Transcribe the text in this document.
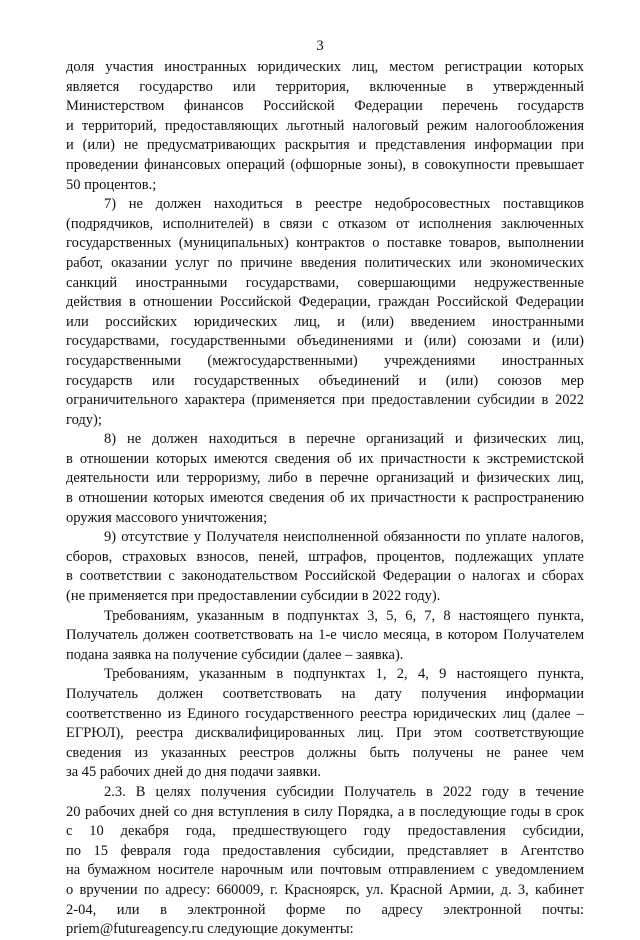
3
доля участия иностранных юридических лиц, местом регистрации которых
является государство или территория, включенные в утвержденный
Министерством финансов Российской Федерации перечень государств
и территорий, предоставляющих льготный налоговый режим налогообложения
и (или) не предусматривающих раскрытия и представления информации при
проведении финансовых операций (офшорные зоны), в совокупности превышает
50 процентов.;
7) не должен находиться в реестре недобросовестных поставщиков
(подрядчиков, исполнителей) в связи с отказом от исполнения заключенных
государственных (муниципальных) контрактов о поставке товаров, выполнении
работ, оказании услуг по причине введения политических или экономических
санкций иностранными государствами, совершающими недружественные
действия в отношении Российской Федерации, граждан Российской Федерации
или российских юридических лиц, и (или) введением иностранными
государствами, государственными объединениями и (или) союзами и (или)
государственными (межгосударственными) учреждениями иностранных
государств или государственных объединений и (или) союзов мер
ограничительного характера (применяется при предоставлении субсидии в 2022
году);
8) не должен находиться в перечне организаций и физических лиц,
в отношении которых имеются сведения об их причастности к экстремистской
деятельности или терроризму, либо в перечне организаций и физических лиц,
в отношении которых имеются сведения об их причастности к распространению
оружия массового уничтожения;
9) отсутствие у Получателя неисполненной обязанности по уплате налогов,
сборов, страховых взносов, пеней, штрафов, процентов, подлежащих уплате
в соответствии с законодательством Российской Федерации о налогах и сборах
(не применяется при предоставлении субсидии в 2022 году).
Требованиям, указанным в подпунктах 3, 5, 6, 7, 8 настоящего пункта,
Получатель должен соответствовать на 1-е число месяца, в котором Получателем
подана заявка на получение субсидии (далее – заявка).
Требованиям, указанным в подпунктах 1, 2, 4, 9 настоящего пункта,
Получатель должен соответствовать на дату получения информации
соответственно из Единого государственного реестра юридических лиц (далее –
ЕГРЮЛ), реестра дисквалифицированных лиц. При этом соответствующие
сведения из указанных реестров должны быть получены не ранее чем
за 45 рабочих дней до дня подачи заявки.
2.3. В целях получения субсидии Получатель в 2022 году в течение
20 рабочих дней со дня вступления в силу Порядка, а в последующие годы в срок
с 10 декабря года, предшествующего году предоставления субсидии,
по 15 февраля года предоставления субсидии, представляет в Агентство
на бумажном носителе нарочным или почтовым отправлением с уведомлением
о вручении по адресу: 660009, г. Красноярск, ул. Красной Армии, д. 3, кабинет
2-04, или в электронной форме по адресу электронной почты:
priem@futureagency.ru следующие документы:
